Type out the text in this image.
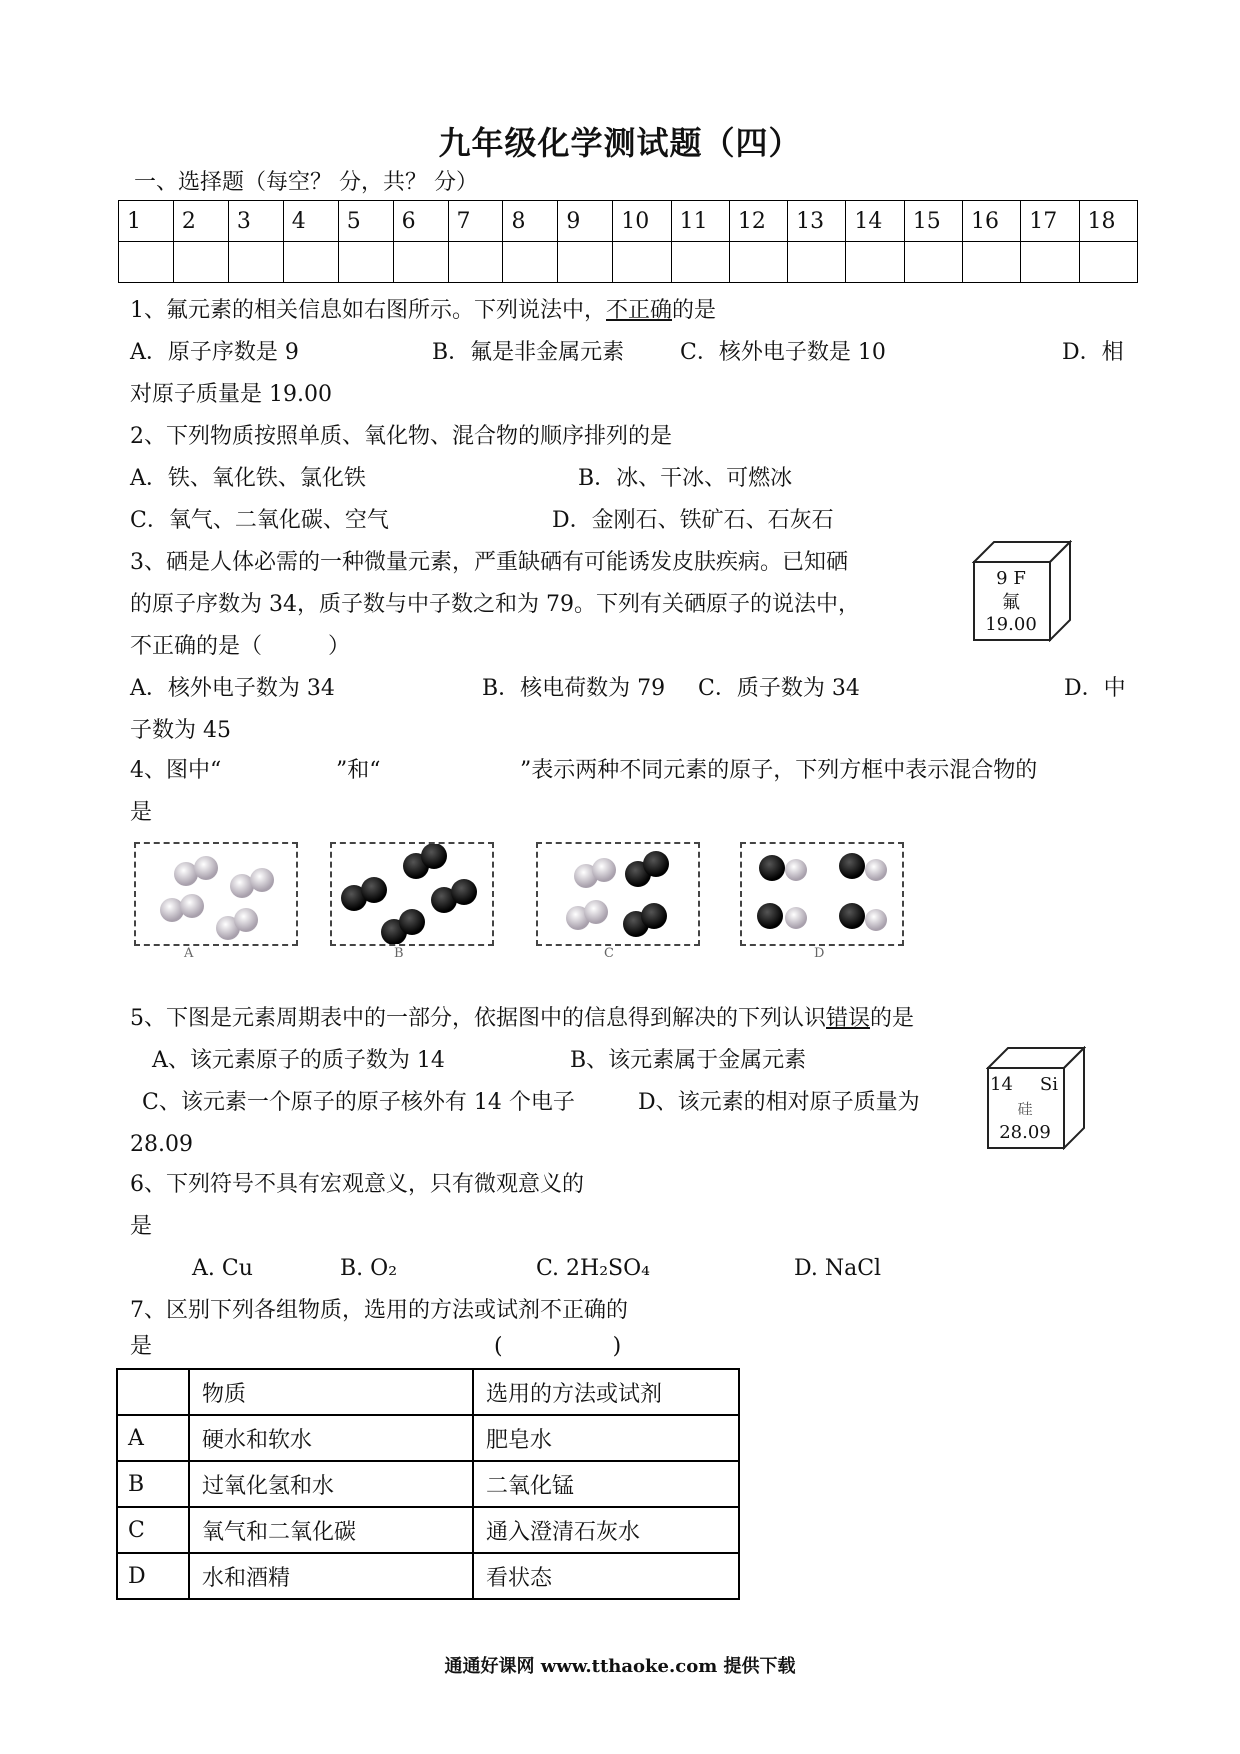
九年级化学测试题（四）
一、选择题（每空？ 分，共？ 分）
1	2	3	4	5	6	7	8	9	10	11	12	13	14	15	16	17	18

1、氟元素的相关信息如右图所示。下列说法中，不正确的是
A．原子序数是 9	B．氟是非金属元素	C．核外电子数是 10	D．相
对原子质量是 19.00
2、下列物质按照单质、氧化物、混合物的顺序排列的是
A．铁、氧化铁、氯化铁	B．冰、干冰、可燃冰
C．氧气、二氧化碳、空气	D．金刚石、铁矿石、石灰石
3、硒是人体必需的一种微量元素，严重缺硒有可能诱发皮肤疾病。已知硒
的原子序数为 34，质子数与中子数之和为 79。下列有关硒原子的说法中，
不正确的是（　　　）
A．核外电子数为 34	B．核电荷数为 79 C．质子数为 34	D．中
子数为 45
9 F
氟
19.00
4、图中“	”和“	”表示两种不同元素的原子，下列方框中表示混合物的
是
A	B	C	D
5、下图是元素周期表中的一部分，依据图中的信息得到解决的下列认识错误的是
A、该元素原子的质子数为 14	B、该元素属于金属元素
C、该元素一个原子的原子核外有 14 个电子	D、该元素的相对原子质量为
28.09
14	Si
硅
28.09
6、下列符号不具有宏观意义，只有微观意义的
是
A. Cu	B. O₂	C. 2H₂SO₄	D. NaCl
7、区别下列各组物质，选用的方法或试剂不正确的
是	(　　　　　)
	物质	选用的方法或试剂
A	硬水和软水	肥皂水
B	过氧化氢和水	二氧化锰
C	氧气和二氧化碳	通入澄清石灰水
D	水和酒精	看状态
通通好课网 www.tthaoke.com 提供下载
